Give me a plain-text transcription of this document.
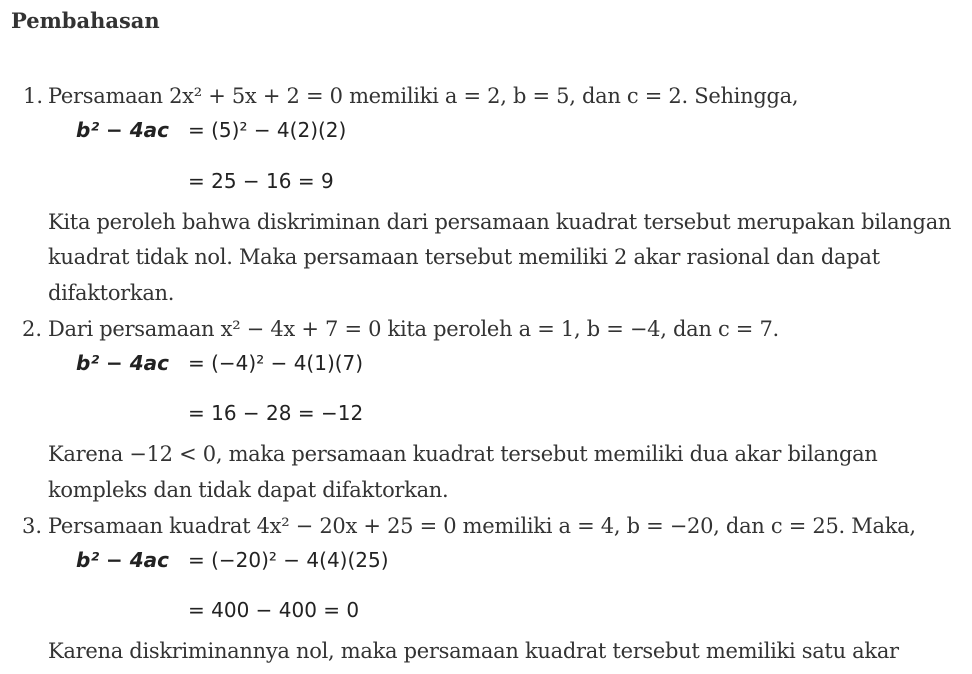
Pembahasan
1. Persamaan 2x² + 5x + 2 = 0 memiliki a = 2, b = 5, dan c = 2. Sehingga,
b² − 4ac = (5)² − 4(2)(2)
= 25 − 16 = 9
Kita peroleh bahwa diskriminan dari persamaan kuadrat tersebut merupakan bilangan
kuadrat tidak nol. Maka persamaan tersebut memiliki 2 akar rasional dan dapat
difaktorkan.
2. Dari persamaan x² − 4x + 7 = 0 kita peroleh a = 1, b = −4, dan c = 7.
b² − 4ac = (−4)² − 4(1)(7)
= 16 − 28 = −12
Karena −12 < 0, maka persamaan kuadrat tersebut memiliki dua akar bilangan
kompleks dan tidak dapat difaktorkan.
3. Persamaan kuadrat 4x² − 20x + 25 = 0 memiliki a = 4, b = −20, dan c = 25. Maka,
b² − 4ac = (−20)² − 4(4)(25)
= 400 − 400 = 0
Karena diskriminannya nol, maka persamaan kuadrat tersebut memiliki satu akar
